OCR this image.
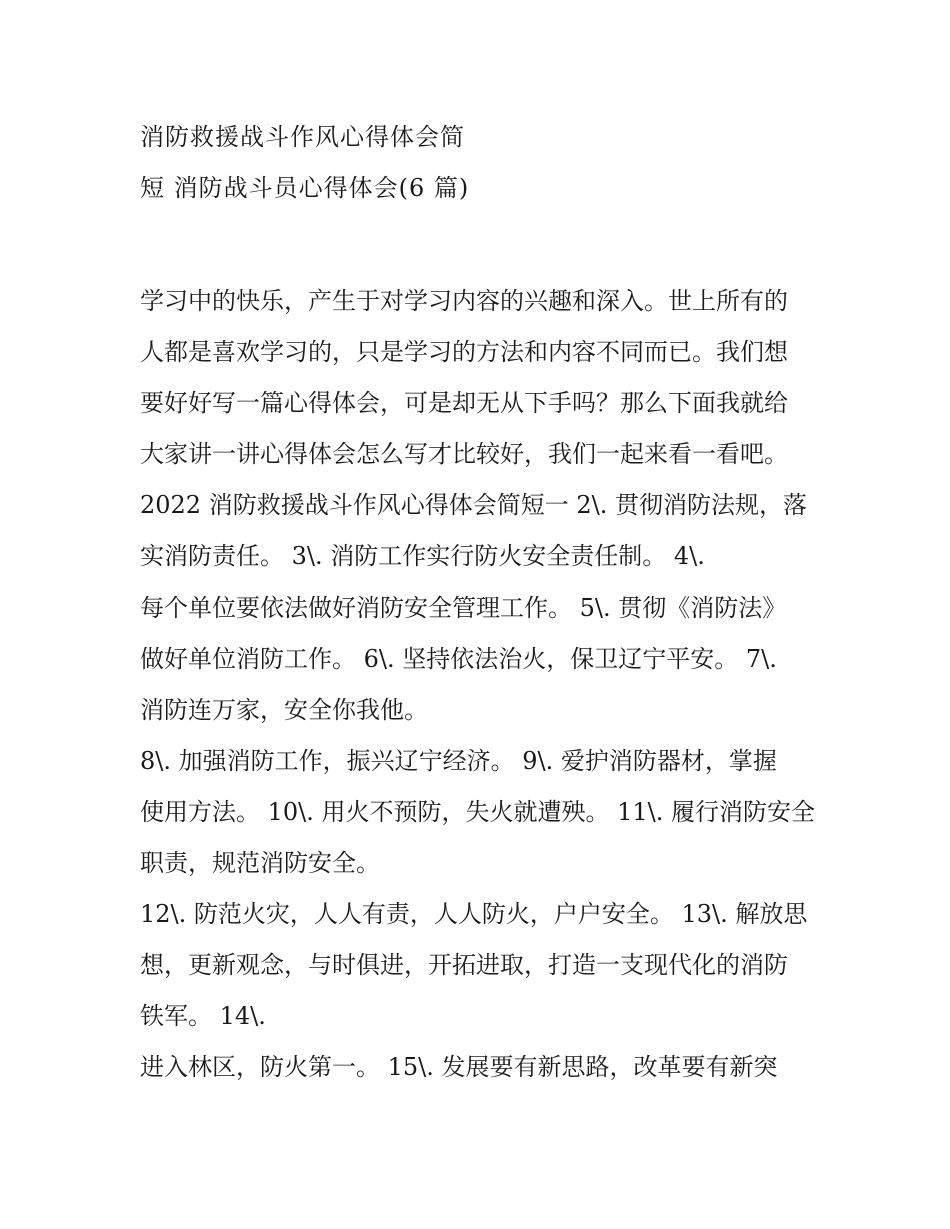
消防救援战斗作风心得体会简
短 消防战斗员心得体会(6 篇)

学习中的快乐，产生于对学习内容的兴趣和深入。世上所有的
人都是喜欢学习的，只是学习的方法和内容不同而已。我们想
要好好写一篇心得体会，可是却无从下手吗？那么下面我就给
大家讲一讲心得体会怎么写才比较好，我们一起来看一看吧。
2022 消防救援战斗作风心得体会简短一 2\. 贯彻消防法规，落
实消防责任。 3\. 消防工作实行防火安全责任制。 4\.

每个单位要依法做好消防安全管理工作。 5\. 贯彻《消防法》
做好单位消防工作。 6\. 坚持依法治火，保卫辽宁平安。 7\.
消防连万家，安全你我他。

8\. 加强消防工作，振兴辽宁经济。 9\. 爱护消防器材，掌握
使用方法。 10\. 用火不预防，失火就遭殃。 11\. 履行消防安全
职责，规范消防安全。

12\. 防范火灾，人人有责，人人防火，户户安全。 13\. 解放思
想，更新观念，与时俱进，开拓进取，打造一支现代化的消防
铁军。 14\.

进入林区，防火第一。 15\. 发展要有新思路，改革要有新突
